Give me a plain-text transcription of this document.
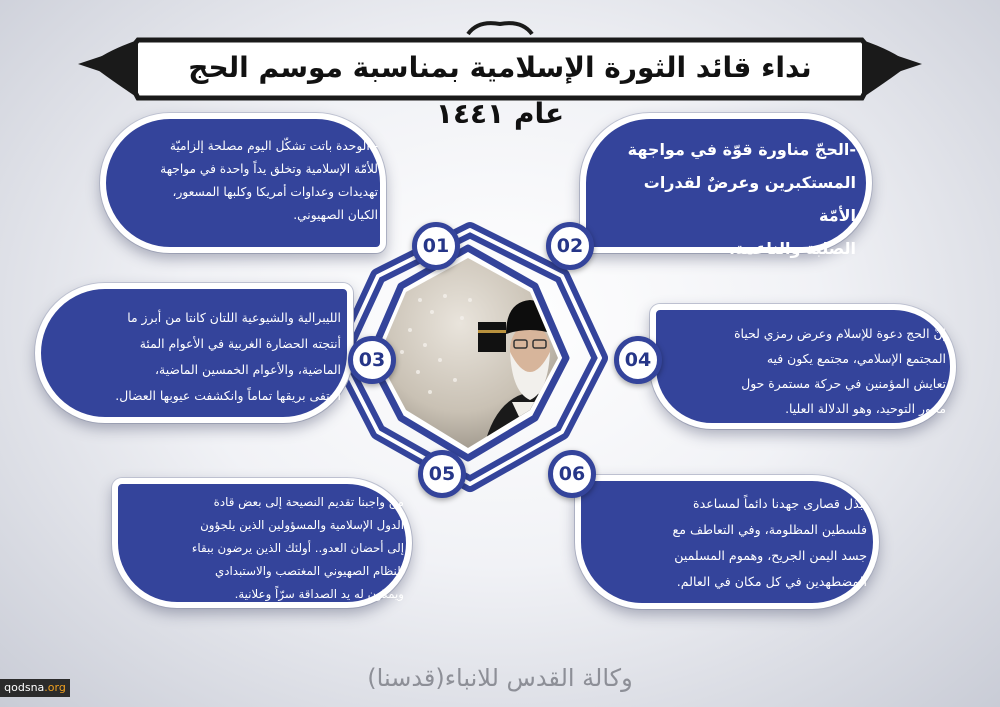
نداء قائد الثورة الإسلامية بمناسبة موسم الحج عام ١٤٤١
- الوحدة باتت تشكّل اليوم مصلحة إلزاميّة
للأمّة الإسلامية وتخلق يداً واحدة في مواجهة
تهديدات وعداوات أمريكا وكلبها المسعور،
الكيان الصهيوني.
-الحجّ مناورة قوّة في مواجهة
المستكبرين وعرضٌ لقدرات الأمّة
الصلبة والناعمة.
الليبرالية والشيوعية اللتان كانتا من أبرز ما
أنتجته الحضارة الغربية في الأعوام المئة
الماضية، والأعوام الخمسين الماضية،
اختفى بريقها تماماً وانكشفت عيوبها العضال.
إنّ الحج دعوة للإسلام وعرض رمزي لحياة
المجتمع الإسلامي، مجتمع يكون فيه
تعايش المؤمنين في حركة مستمرة حول
محور التوحيد، وهو الدلالة العليا.
من واجبنا تقديم النصيحة إلى بعض قادة
الدول الإسلامية والمسؤولين الذين يلجؤون
إلى أحضان العدو.. أولئك الذين يرضون ببقاء
النظام الصهيوني المغتصب والاستبدادي
ويمدّون له يد الصداقة سرّاً وعلانية.
نبذل قصارى جهدنا دائماً لمساعدة
فلسطين المظلومة، وفي التعاطف مع
جسد اليمن الجريح، وهموم المسلمين
المضطهدين في كل مكان في العالم.
01	02
03	04
05	06
وكالة القدس للانباء(قدسنا)
qodsna.org
